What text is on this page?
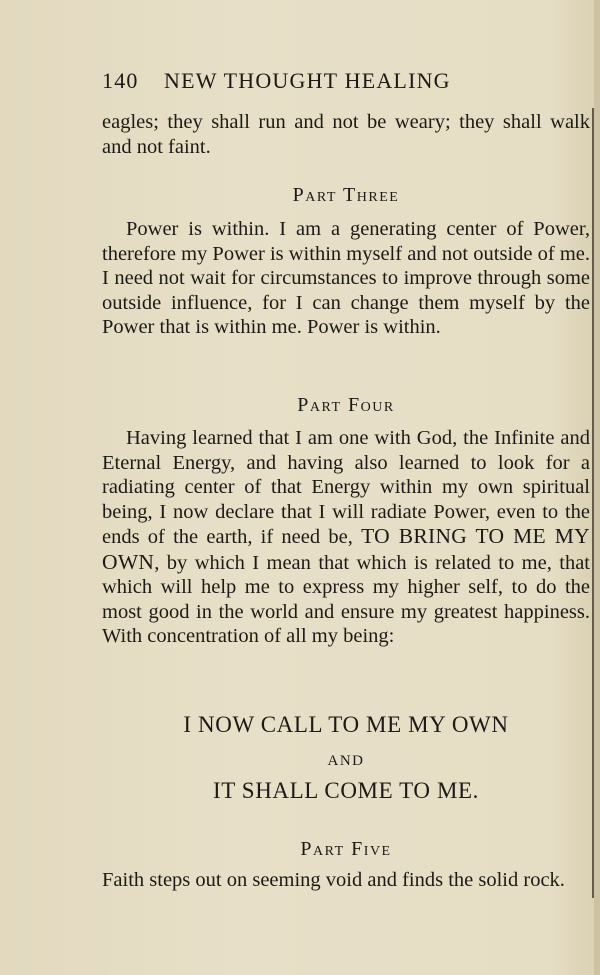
140 NEW THOUGHT HEALING

eagles; they shall run and not be weary; they shall walk and not faint.

Part Three

Power is within. I am a generating center of Power, therefore my Power is within myself and not outside of me. I need not wait for circumstances to improve through some outside influence, for I can change them myself by the Power that is within me. Power is within.

Part Four

Having learned that I am one with God, the Infinite and Eternal Energy, and having also learned to look for a radiating center of that Energy within my own spiritual being, I now declare that I will radiate Power, even to the ends of the earth, if need be, TO BRING TO ME MY OWN, by which I mean that which is related to me, that which will help me to express my higher self, to do the most good in the world and ensure my greatest happiness. With concentration of all my being:

I NOW CALL TO ME MY OWN
AND
IT SHALL COME TO ME.
Part Five

Faith steps out on seeming void and finds the solid rock.
